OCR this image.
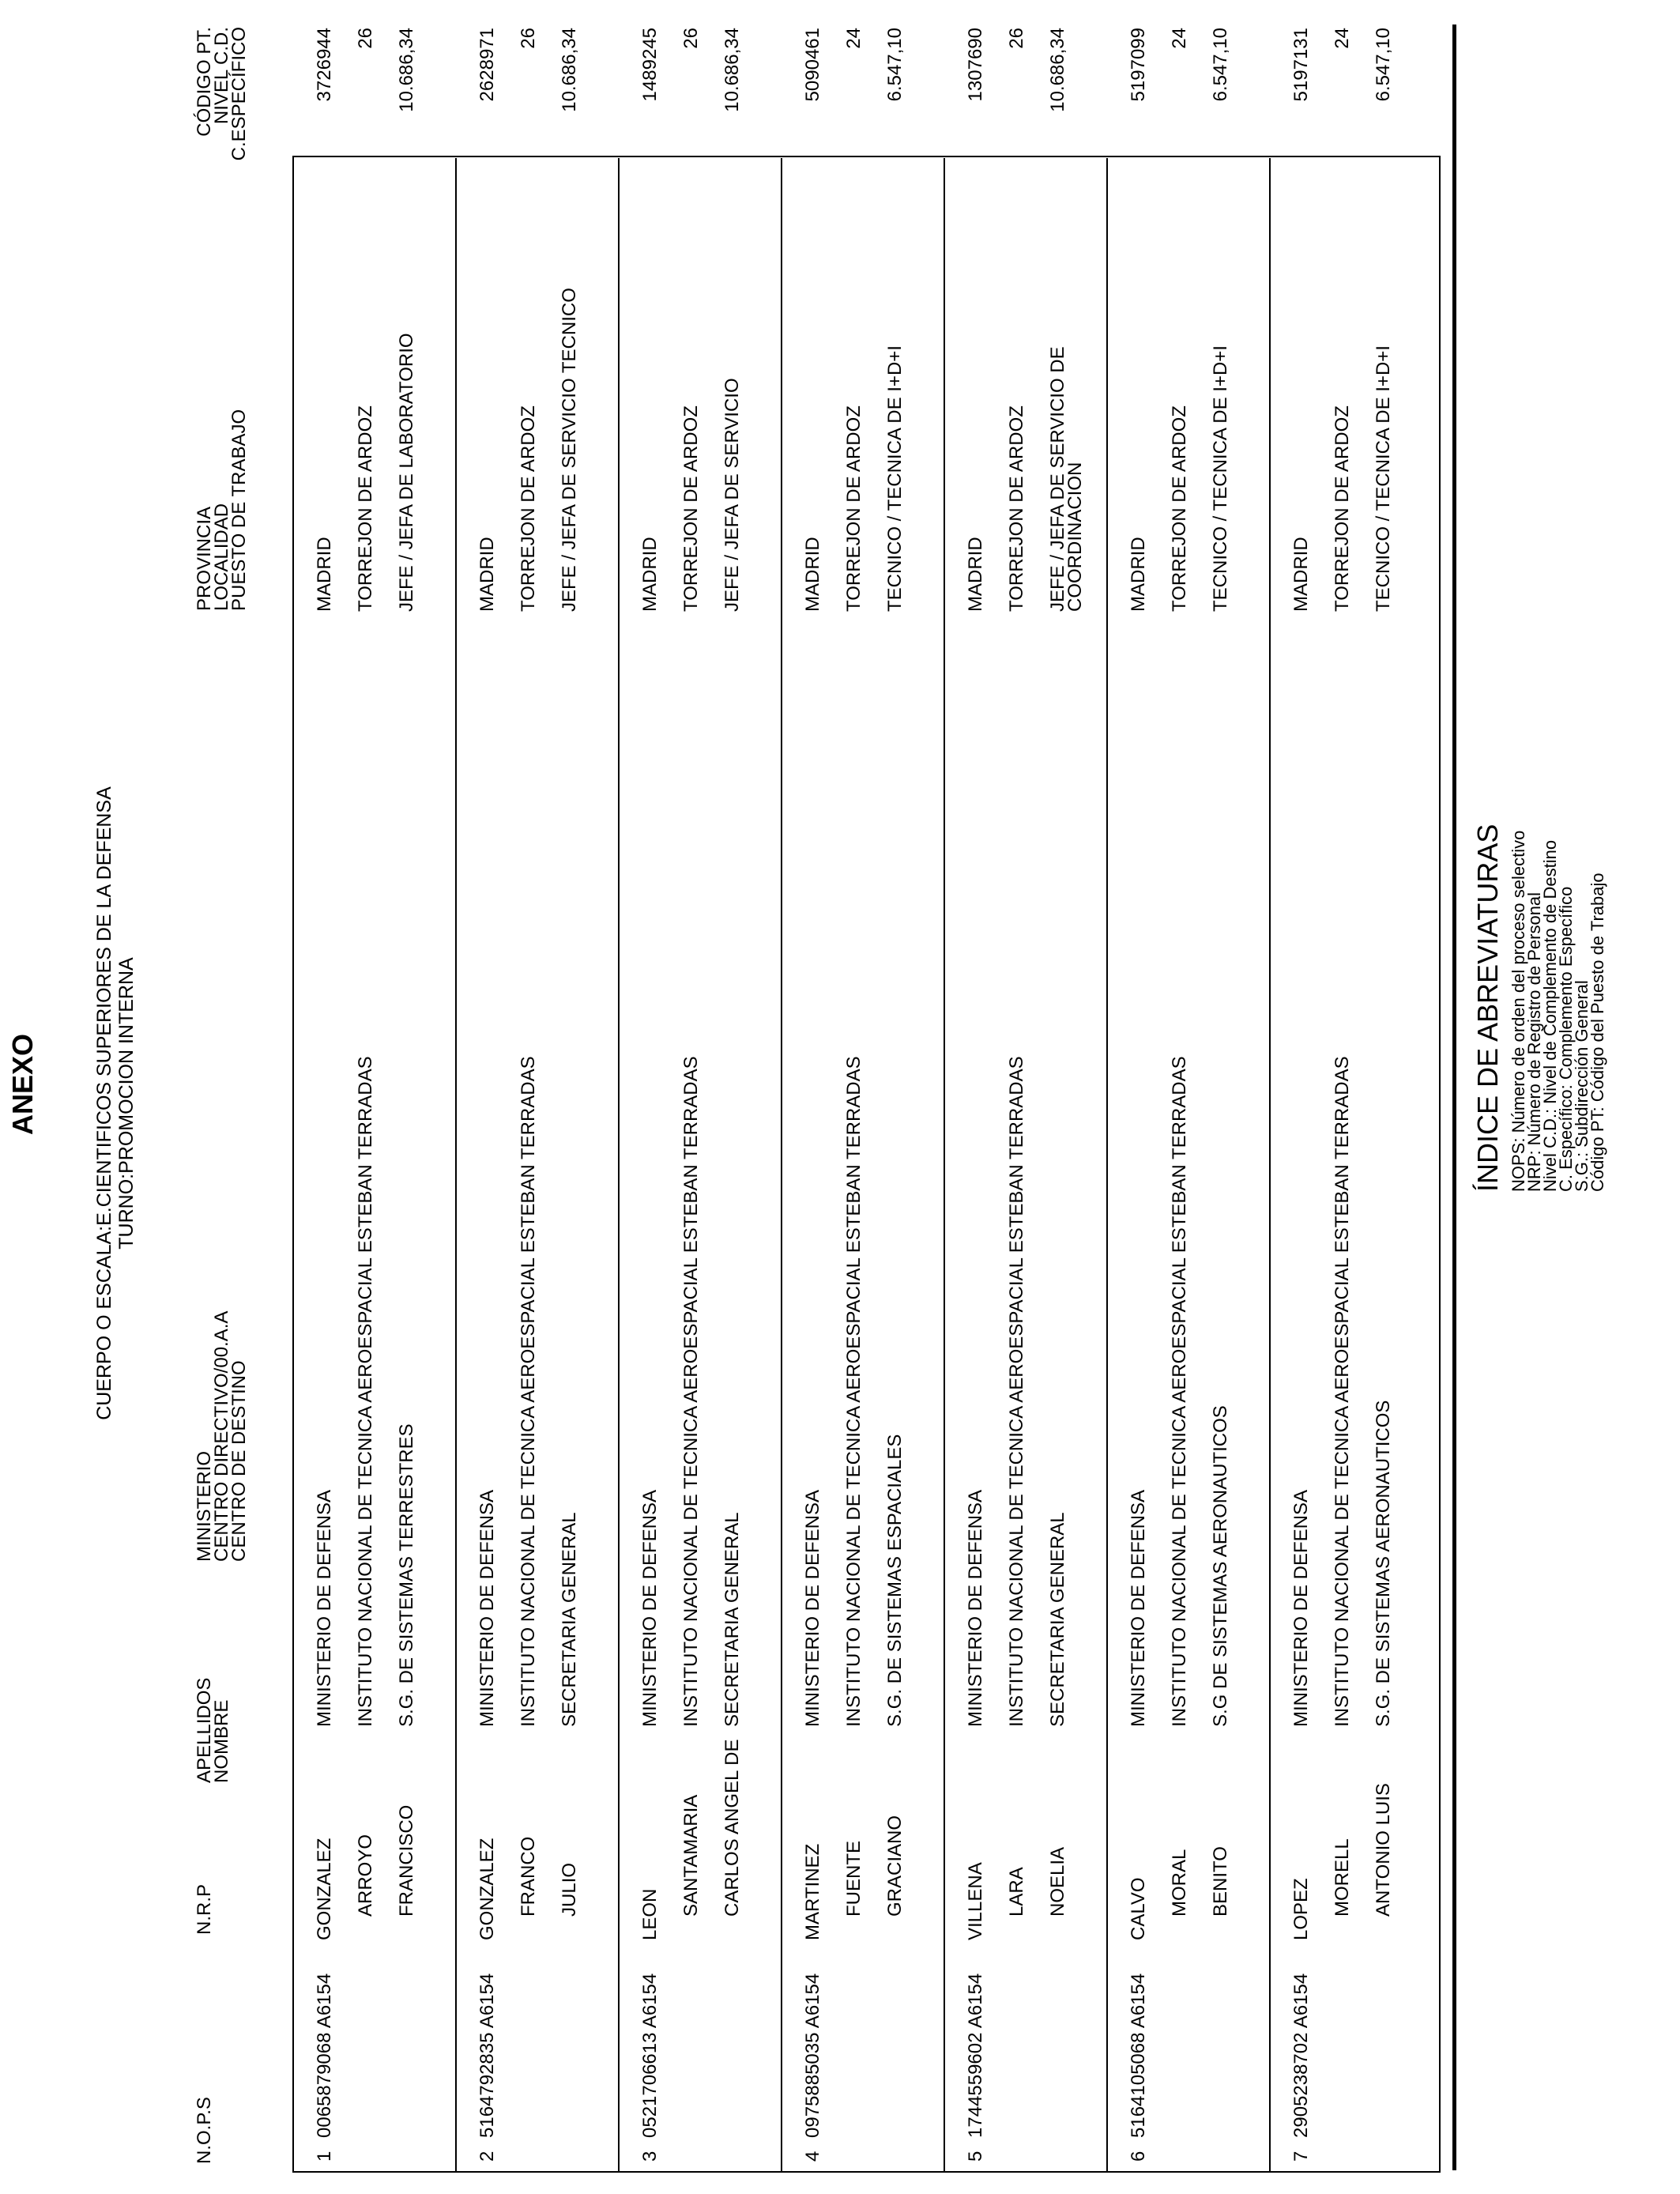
ANEXO	CUERPO O ESCALA:E.CIENTIFICOS SUPERIORES DE LA DEFENSA TURNO:PROMOCION INTERNA
N.O.P.S
N.R.P
APELLIDOS
NOMBRE
MINISTERIO
CENTRO DIRECTIVO/00.A.A
CENTRO DE DESTINO
PROVINCIA
LOCALIDAD
PUESTO DE TRABAJO
CÓDIGO PT.
NIVEL C.D.
C.ESPECÍFICO
1
0065879068 A6154
GONZALEZ ARROYO FRANCISCO
MINISTERIO DE DEFENSA INSTITUTO NACIONAL DE TECNICA AEROESPACIAL ESTEBAN TERRADAS S.G. DE SISTEMAS TERRESTRES
MADRID TORREJON DE ARDOZ JEFE / JEFA DE LABORATORIO
3726944 26 10.686,34
2
5164792835 A6154
GONZALEZ FRANCO JULIO
MINISTERIO DE DEFENSA INSTITUTO NACIONAL DE TECNICA AEROESPACIAL ESTEBAN TERRADAS SECRETARIA GENERAL
MADRID TORREJON DE ARDOZ JEFE / JEFA DE SERVICIO TECNICO
2628971 26 10.686,34
3
0521706613 A6154
LEON SANTAMARIA CARLOS ANGEL DE
MINISTERIO DE DEFENSA INSTITUTO NACIONAL DE TECNICA AEROESPACIAL ESTEBAN TERRADAS SECRETARIA GENERAL
MADRID TORREJON DE ARDOZ JEFE / JEFA DE SERVICIO
1489245 26 10.686,34
4
0975885035 A6154
MARTINEZ FUENTE GRACIANO
MINISTERIO DE DEFENSA INSTITUTO NACIONAL DE TECNICA AEROESPACIAL ESTEBAN TERRADAS S.G. DE SISTEMAS ESPACIALES
MADRID TORREJON DE ARDOZ TECNICO / TECNICA DE I+D+I
5090461 24 6.547,10
5
1744559602 A6154
VILLENA LARA NOELIA
MINISTERIO DE DEFENSA INSTITUTO NACIONAL DE TECNICA AEROESPACIAL ESTEBAN TERRADAS SECRETARIA GENERAL
MADRID TORREJON DE ARDOZ JEFE / JEFA DE SERVICIO DE COORDINACION
1307690 26 10.686,34
6
5164105068 A6154
CALVO MORAL BENITO
MINISTERIO DE DEFENSA INSTITUTO NACIONAL DE TECNICA AEROESPACIAL ESTEBAN TERRADAS S.G DE SISTEMAS AERONAUTICOS
MADRID TORREJON DE ARDOZ TECNICO / TECNICA DE I+D+I
5197099 24 6.547,10
7
2905238702 A6154
LOPEZ MORELL ANTONIO LUIS
MINISTERIO DE DEFENSA INSTITUTO NACIONAL DE TECNICA AEROESPACIAL ESTEBAN TERRADAS S.G. DE SISTEMAS AERONAUTICOS
MADRID TORREJON DE ARDOZ TECNICO / TECNICA DE I+D+I
5197131 24 6.547,10
ÍNDICE DE ABREVIATURAS NOPS: Número de orden del proceso selectivo
NRP: Número de Registro de Personal
Nivel C.D.: Nivel de Complemento de Destino
C. Específico: Complemento Específico
S.G.: Subdirección General
Código PT: Código del Puesto de Trabajo
